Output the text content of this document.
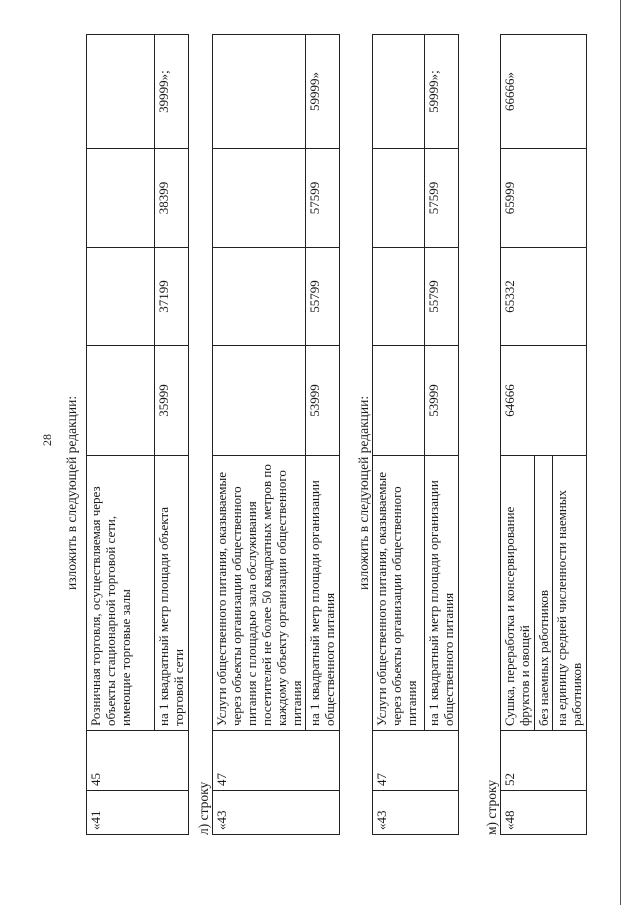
28 изложить в следующей редакции:
«41	45	Розничная торговля, осуществляемая через объекты стационарной торговой сети, имеющие торговые залы				
		на 1 квадратный метр площади объекта торговой сети	35999	37199	38399	39999»;
л) строку «43	47	Услуги общественного питания, оказываемые через объекты организации общественного питания с площадью зала обслуживания посетителей не более 50 квадратных метров по каждому объекту организации общественного питания				
		на 1 квадратный метр площади организации общественного питания	53999	55799	57599	59999»
изложить в следующей редакции:
«43	47	Услуги общественного питания, оказываемые через объекты организации общественного питания				
		на 1 квадратный метр площади организации общественного питания	53999	55799	57599	59999»;
м) строку «48	52	Сушка, переработка и консервирование фруктов и овощей	64666	65332	65999	66666»
без наемных работников
на единицу средней численности наемных работников
